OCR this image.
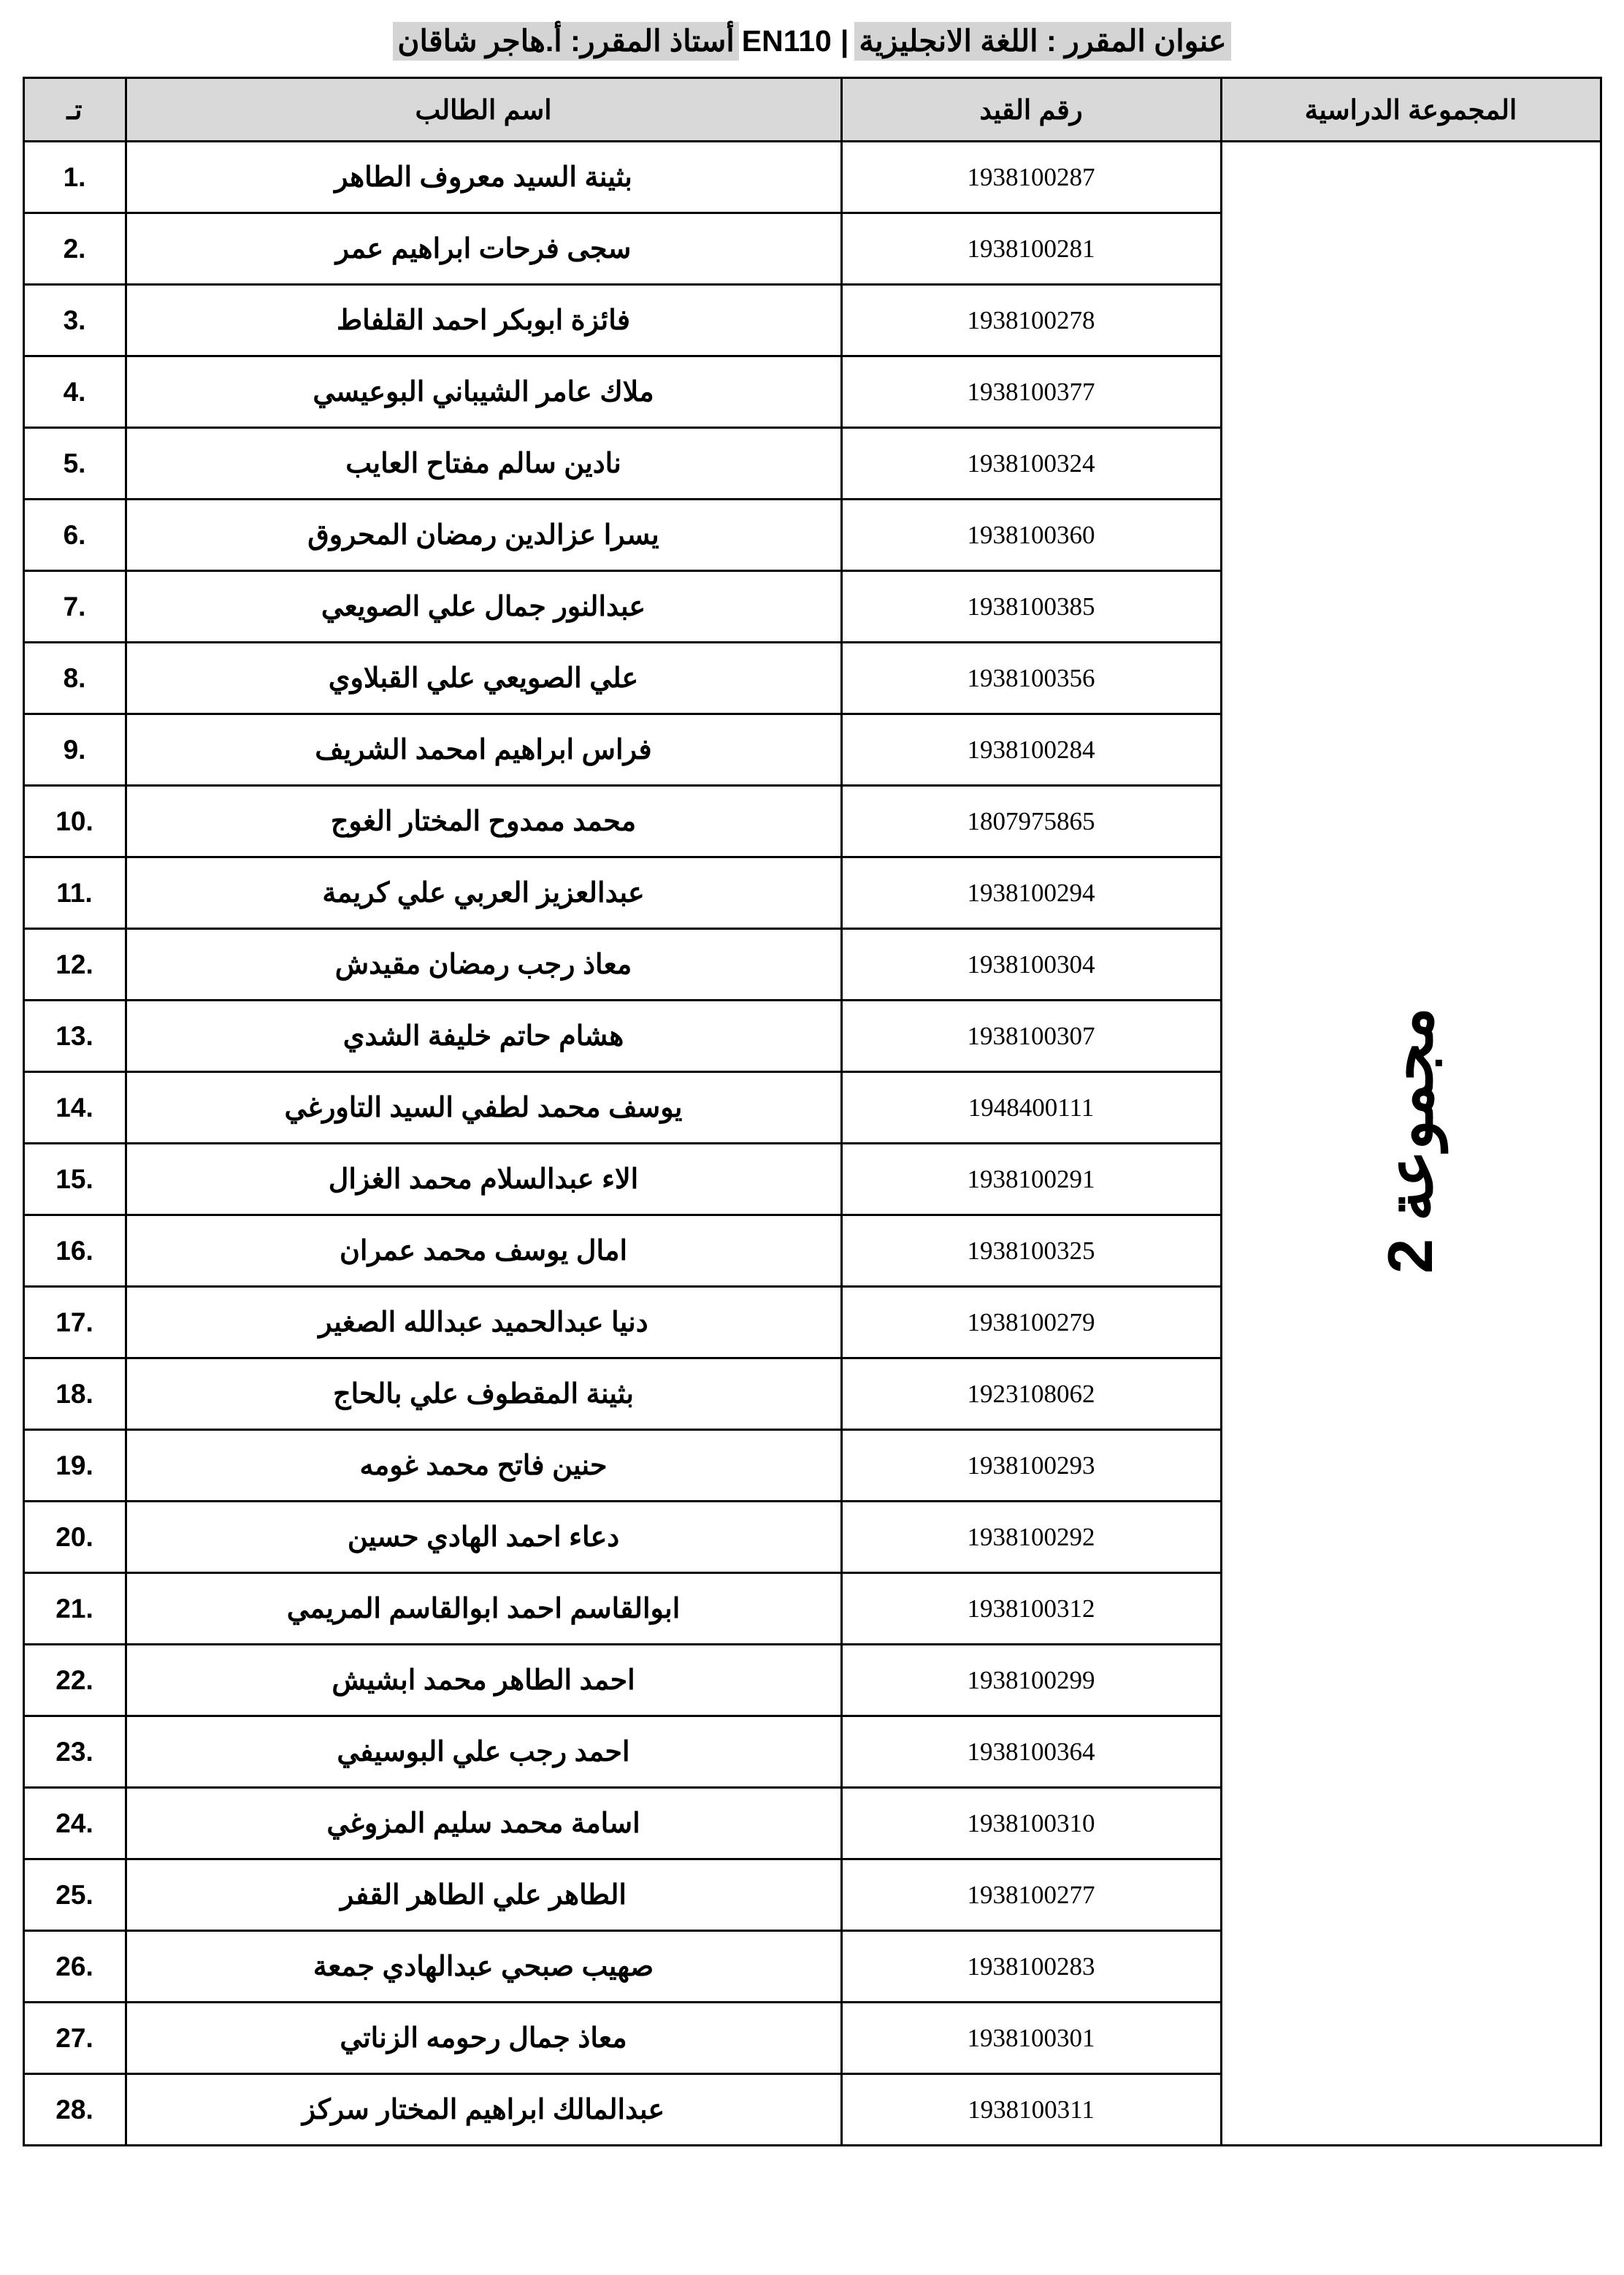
عنوان المقرر : اللغة الانجليزية
|
EN110
أستاذ المقرر: أ.هاجر شاقان
المجموعة الدراسية	رقم القيد	اسم الطالب	تـ
مجموعة 2	1938100287	بثينة السيد معروف الطاهر	.1
	1938100281	سجى فرحات ابراهيم عمر	.2
	1938100278	فائزة ابوبكر احمد القلفاط	.3
	1938100377	ملاك عامر الشيباني البوعيسي	.4
	1938100324	نادين سالم مفتاح العايب	.5
	1938100360	يسرا عزالدين رمضان المحروق	.6
	1938100385	عبدالنور جمال علي الصويعي	.7
	1938100356	علي الصويعي علي القبلاوي	.8
	1938100284	فراس ابراهيم امحمد الشريف	.9
	1807975865	محمد ممدوح المختار الغوج	.10
	1938100294	عبدالعزيز العربي علي كريمة	.11
	1938100304	معاذ رجب رمضان مقيدش	.12
	1938100307	هشام حاتم خليفة الشدي	.13
	1948400111	يوسف محمد لطفي السيد التاورغي	.14
	1938100291	الاء عبدالسلام محمد الغزال	.15
	1938100325	امال يوسف محمد عمران	.16
	1938100279	دنيا عبدالحميد عبدالله الصغير	.17
	1923108062	بثينة المقطوف علي بالحاج	.18
	1938100293	حنين فاتح محمد غومه	.19
	1938100292	دعاء احمد الهادي حسين	.20
	1938100312	ابوالقاسم احمد ابوالقاسم المريمي	.21
	1938100299	احمد الطاهر محمد ابشيش	.22
	1938100364	احمد رجب علي البوسيفي	.23
	1938100310	اسامة محمد سليم المزوغي	.24
	1938100277	الطاهر علي الطاهر القفر	.25
	1938100283	صهيب صبحي عبدالهادي جمعة	.26
	1938100301	معاذ جمال رحومه الزناتي	.27
	1938100311	عبدالمالك ابراهيم المختار سركز	.28
